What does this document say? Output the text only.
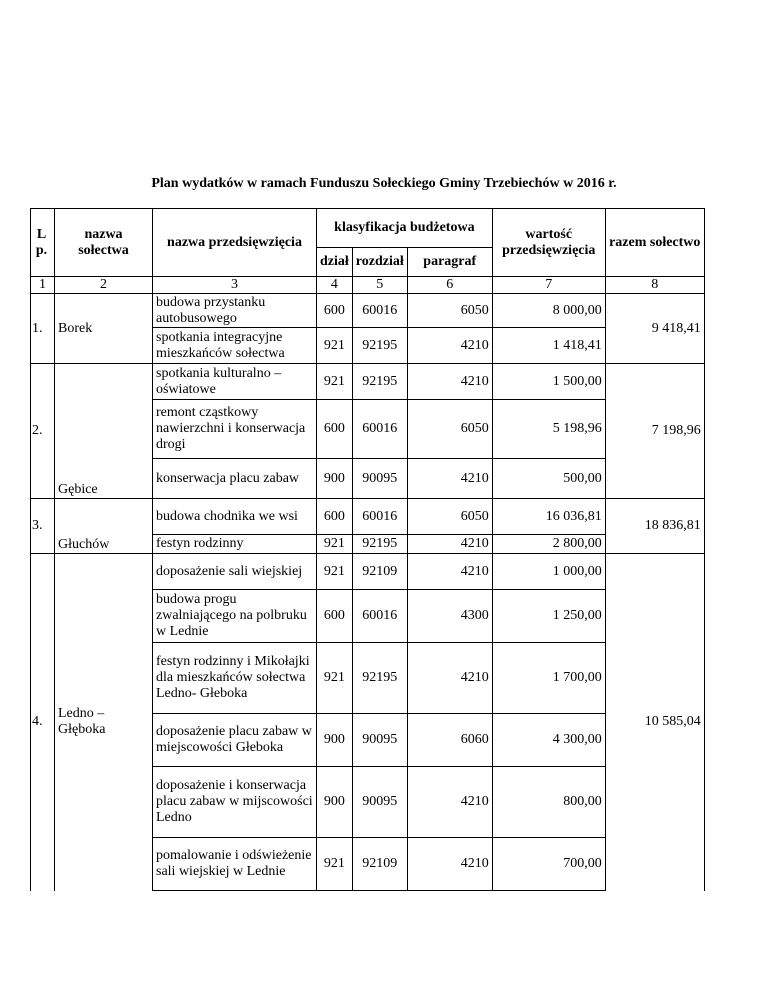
Plan wydatków w ramach Funduszu Sołeckiego Gminy Trzebiechów w 2016 r.
L p.	nazwa sołectwa	nazwa przedsięwzięcia	klasyfikacja budżetowa			wartość przedsięwzięcia	razem sołectwo
			dział	rozdział	paragraf		
1	2	3	4	5	6	7	8
1.	Borek	budowa przystanku autobusowego	600	60016	6050	8 000,00	9 418,41
		spotkania integracyjne mieszkańców sołectwa	921	92195	4210	1 418,41	
2.	Gębice	spotkania kulturalno – oświatowe	921	92195	4210	1 500,00	7 198,96
		remont cząstkowy nawierzchni i konserwacja drogi	600	60016	6050	5 198,96	
		konserwacja placu zabaw	900	90095	4210	500,00	
3.	Głuchów	budowa chodnika we wsi	600	60016	6050	16 036,81	18 836,81
		festyn rodzinny	921	92195	4210	2 800,00	
4.	Ledno – Głęboka	doposażenie sali wiejskiej	921	92109	4210	1 000,00	10 585,04
		budowa progu zwalniającego na polbruku w Lednie	600	60016	4300	1 250,00	
		festyn rodzinny i Mikołajki dla mieszkańców sołectwa Ledno- Głeboka	921	92195	4210	1 700,00	
		doposażenie placu zabaw w miejscowości Głeboka	900	90095	6060	4 300,00	
		doposażenie i konserwacja placu zabaw w mijscowości Ledno	900	90095	4210	800,00	
		pomalowanie i odświeżenie sali wiejskiej w Lednie	921	92109	4210	700,00	
